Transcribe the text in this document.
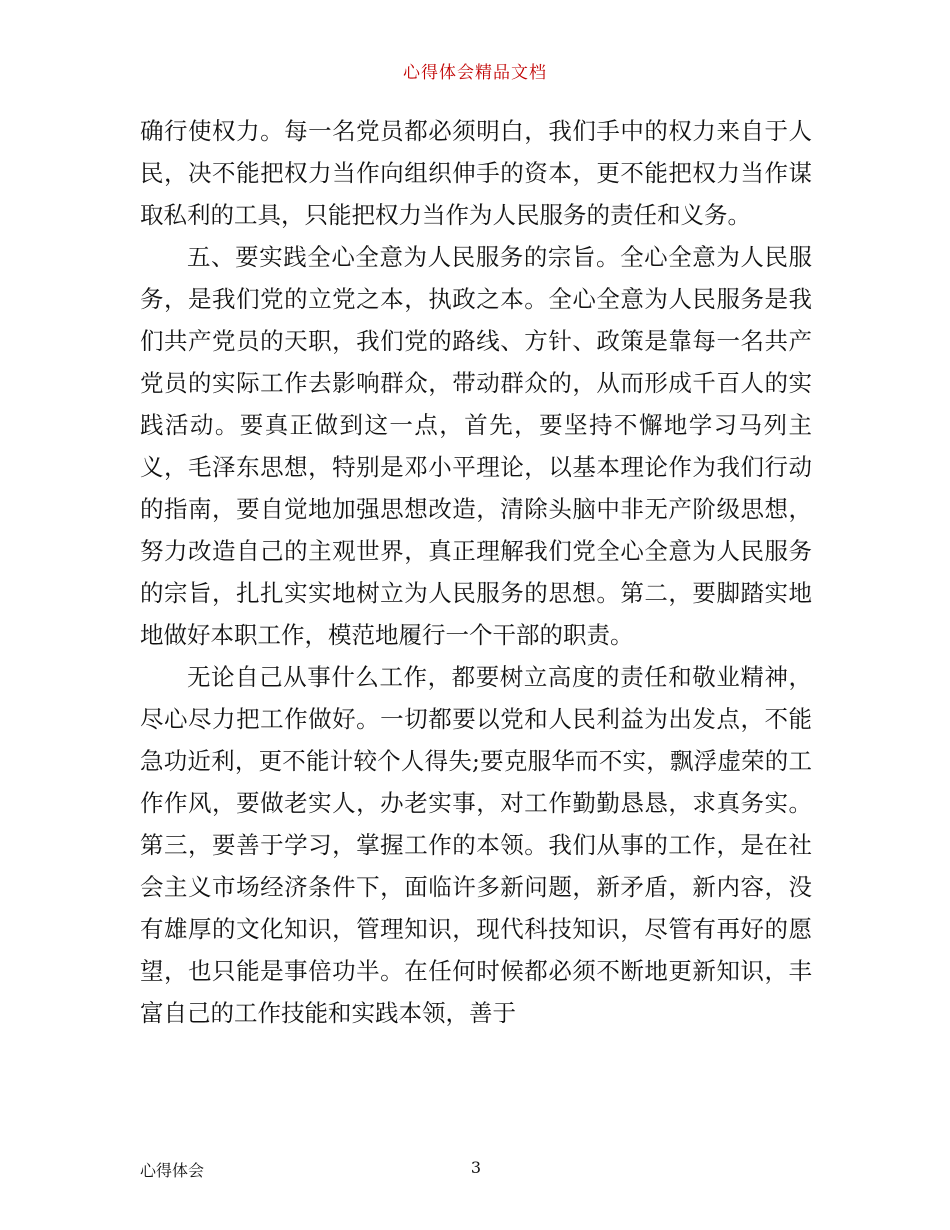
心得体会精品文档

确行使权力。每一名党员都必须明白，我们手中的权力来自于人民，决不能把权力当作向组织伸手的资本，更不能把权力当作谋取私利的工具，只能把权力当作为人民服务的责任和义务。

五、要实践全心全意为人民服务的宗旨。全心全意为人民服务，是我们党的立党之本，执政之本。全心全意为人民服务是我们共产党员的天职，我们党的路线、方针、政策是靠每一名共产党员的实际工作去影响群众，带动群众的，从而形成千百人的实践活动。要真正做到这一点，首先，要坚持不懈地学习马列主义，毛泽东思想，特别是邓小平理论，以基本理论作为我们行动的指南，要自觉地加强思想改造，清除头脑中非无产阶级思想，努力改造自己的主观世界，真正理解我们党全心全意为人民服务的宗旨，扎扎实实地树立为人民服务的思想。第二，要脚踏实地地做好本职工作，模范地履行一个干部的职责。

无论自己从事什么工作，都要树立高度的责任和敬业精神，尽心尽力把工作做好。一切都要以党和人民利益为出发点，不能急功近利，更不能计较个人得失;要克服华而不实，飘浮虚荣的工作作风，要做老实人，办老实事，对工作勤勤恳恳，求真务实。第三，要善于学习，掌握工作的本领。我们从事的工作，是在社会主义市场经济条件下，面临许多新问题，新矛盾，新内容，没有雄厚的文化知识，管理知识，现代科技知识，尽管有再好的愿望，也只能是事倍功半。在任何时候都必须不断地更新知识，丰富自己的工作技能和实践本领，善于

心得体会	3
